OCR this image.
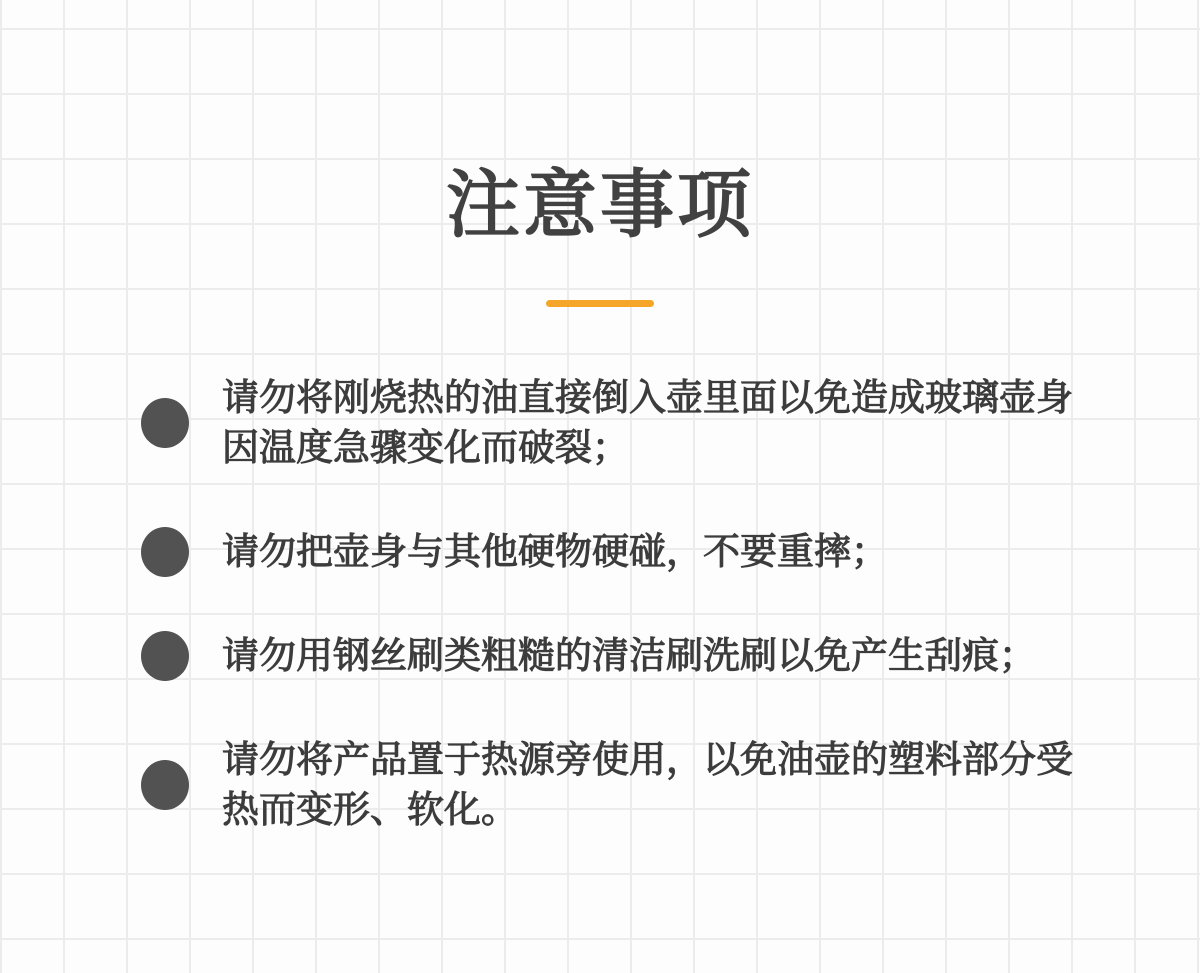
注意事项

请勿将刚烧热的油直接倒入壶里面以免造成玻璃壶身因温度急骤变化而破裂；

请勿把壶身与其他硬物硬碰，不要重摔；

请勿用钢丝刷类粗糙的清洁刷洗刷以免产生刮痕；

请勿将产品置于热源旁使用，以免油壶的塑料部分受热而变形、软化。
